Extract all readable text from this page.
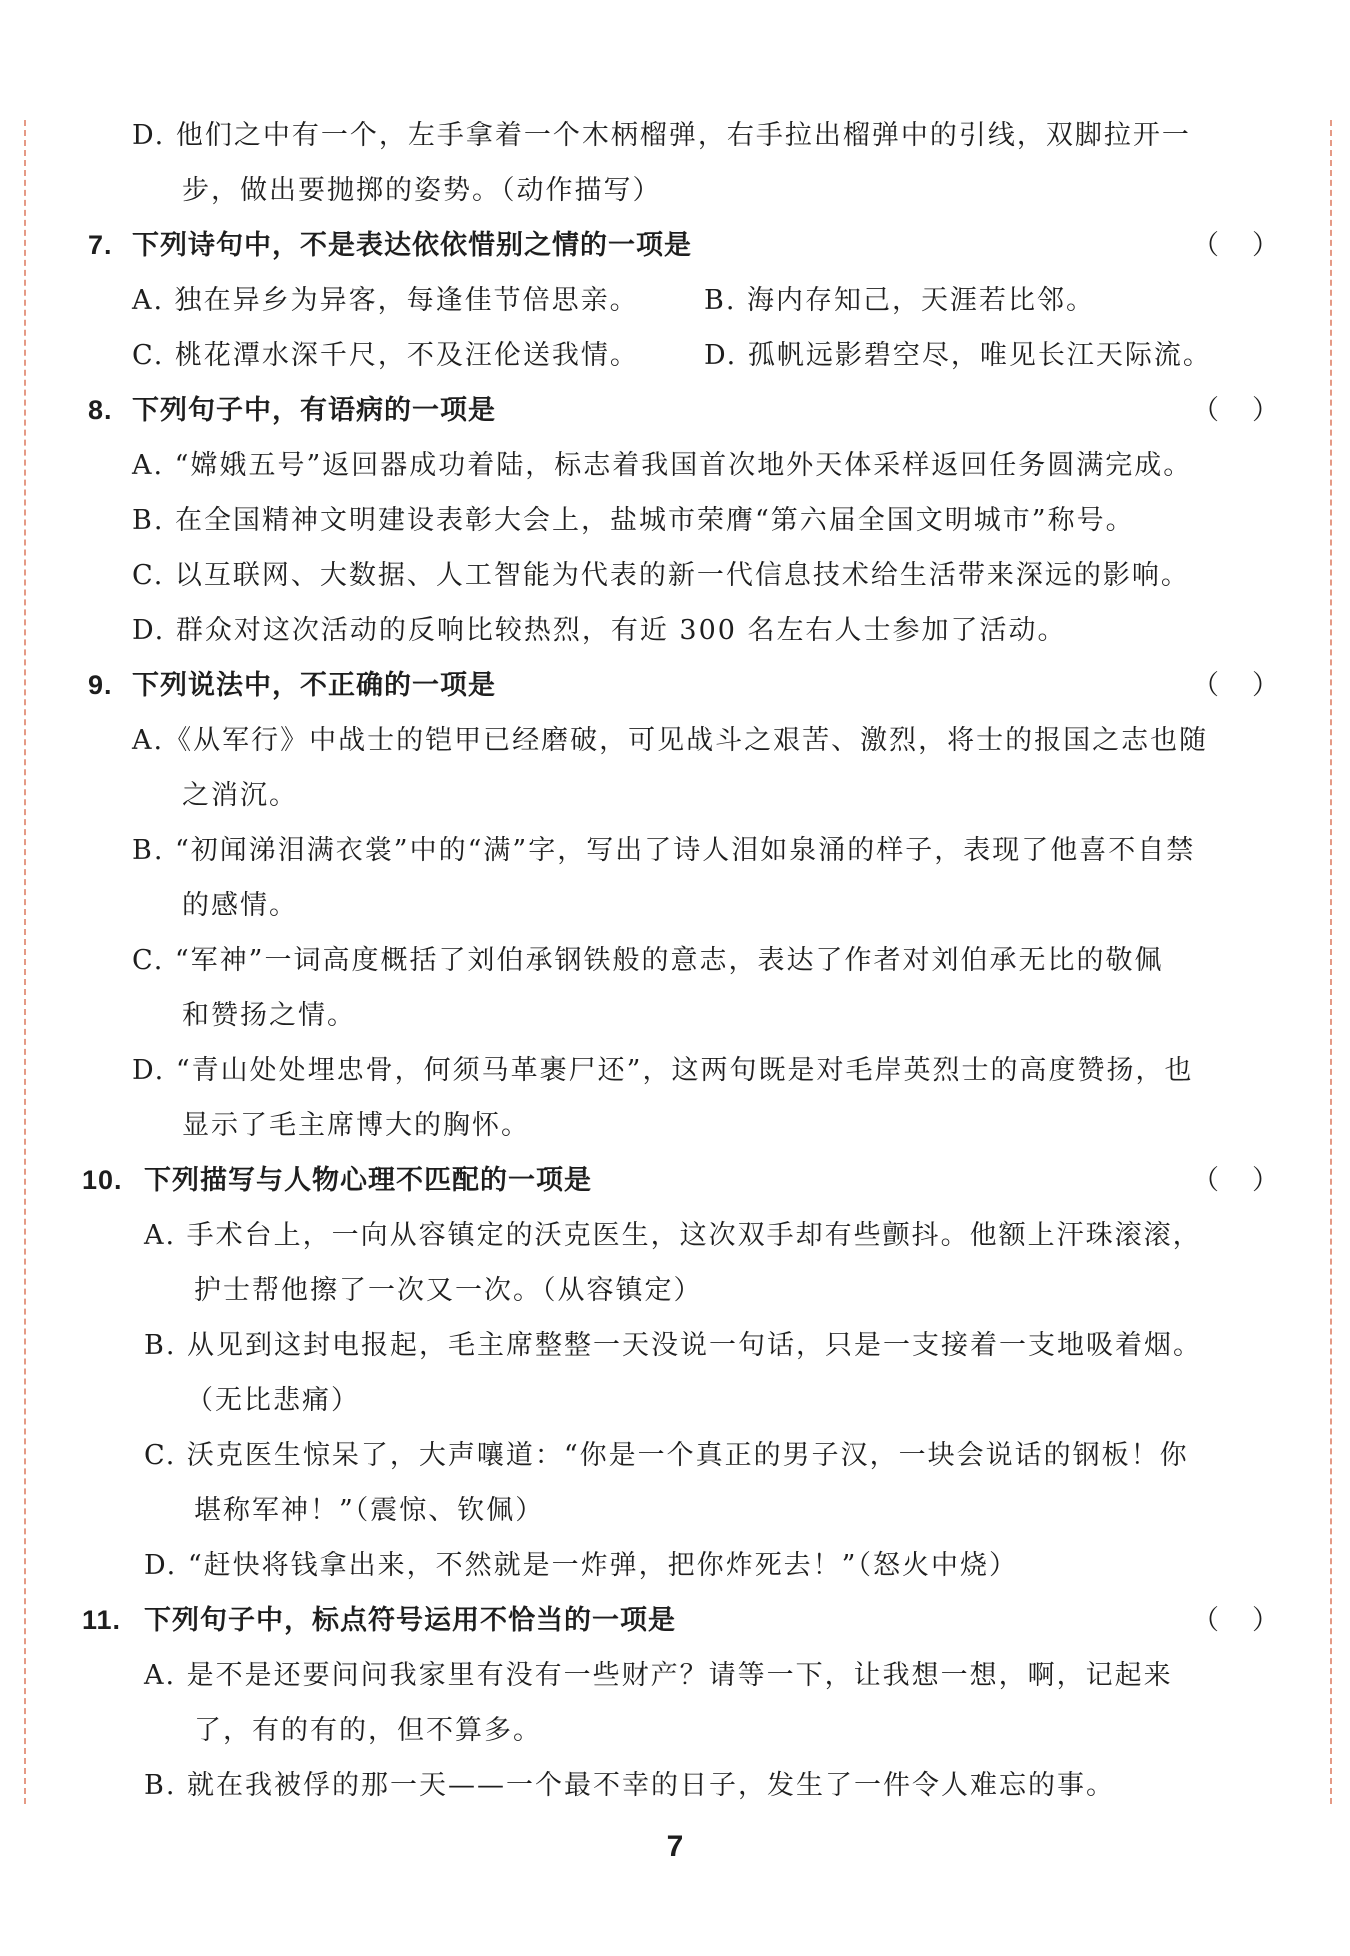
D. 他们之中有一个，左手拿着一个木柄榴弹，右手拉出榴弹中的引线，双脚拉开一
步，做出要抛掷的姿势。（动作描写）
7. 下列诗句中，不是表达依依惜别之情的一项是	（ ）
A. 独在异乡为异客，每逢佳节倍思亲。 B. 海内存知己，天涯若比邻。
C. 桃花潭水深千尺，不及汪伦送我情。 D. 孤帆远影碧空尽，唯见长江天际流。
8. 下列句子中，有语病的一项是	（ ）
A. “嫦娥五号”返回器成功着陆，标志着我国首次地外天体采样返回任务圆满完成。
B. 在全国精神文明建设表彰大会上，盐城市荣膺“第六届全国文明城市”称号。
C. 以互联网、大数据、人工智能为代表的新一代信息技术给生活带来深远的影响。
D. 群众对这次活动的反响比较热烈，有近 300 名左右人士参加了活动。
9. 下列说法中，不正确的一项是	（ ）
A.《从军行》中战士的铠甲已经磨破，可见战斗之艰苦、激烈，将士的报国之志也随
之消沉。
B. “初闻涕泪满衣裳”中的“满”字，写出了诗人泪如泉涌的样子，表现了他喜不自禁
的感情。
C. “军神”一词高度概括了刘伯承钢铁般的意志，表达了作者对刘伯承无比的敬佩
和赞扬之情。
D. “青山处处埋忠骨，何须马革裹尸还”，这两句既是对毛岸英烈士的高度赞扬，也
显示了毛主席博大的胸怀。
10. 下列描写与人物心理不匹配的一项是	（ ）
A. 手术台上，一向从容镇定的沃克医生，这次双手却有些颤抖。他额上汗珠滚滚，
护士帮他擦了一次又一次。（从容镇定）
B. 从见到这封电报起，毛主席整整一天没说一句话，只是一支接着一支地吸着烟。
（无比悲痛）
C. 沃克医生惊呆了，大声嚷道：“你是一个真正的男子汉，一块会说话的钢板！你
堪称军神！”（震惊、钦佩）
D. “赶快将钱拿出来，不然就是一炸弹，把你炸死去！”（怒火中烧）
11. 下列句子中，标点符号运用不恰当的一项是	（ ）
A. 是不是还要问问我家里有没有一些财产？请等一下，让我想一想，啊，记起来
了，有的有的，但不算多。
B. 就在我被俘的那一天——一个最不幸的日子，发生了一件令人难忘的事。
7
